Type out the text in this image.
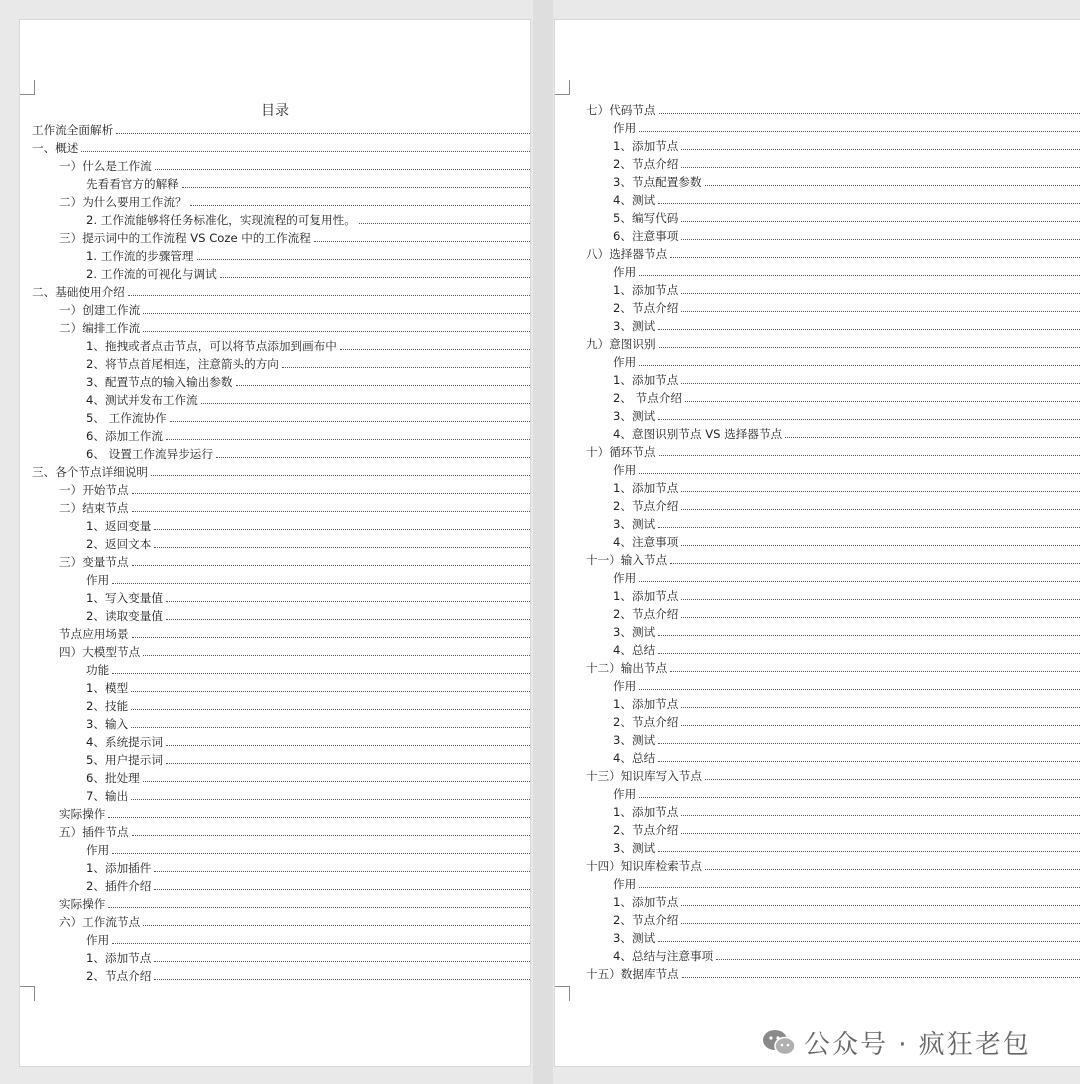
目录
工作流全面解析
一、概述
一）什么是工作流
先看看官方的解释
二）为什么要用工作流？
2. 工作流能够将任务标准化，实现流程的可复用性。
三）提示词中的工作流程 VS Coze 中的工作流程
1. 工作流的步骤管理
2. 工作流的可视化与调试
二、基础使用介绍
一）创建工作流
二）编排工作流
1、拖拽或者点击节点，可以将节点添加到画布中
2、将节点首尾相连，注意箭头的方向
3、配置节点的输入输出参数
4、测试并发布工作流
5、 工作流协作
6、添加工作流
6、 设置工作流异步运行
三、各个节点详细说明
一）开始节点
二）结束节点
1、返回变量
2、返回文本
三）变量节点
作用
1、写入变量值
2、读取变量值
节点应用场景
四）大模型节点
功能
1、模型
2、技能
3、输入
4、系统提示词
5、用户提示词
6、批处理
7、输出
实际操作
五）插件节点
作用
1、添加插件
2、插件介绍
实际操作
六）工作流节点
作用
1、添加节点
2、节点介绍
七）代码节点
作用
1、添加节点
2、节点介绍
3、节点配置参数
4、测试
5、编写代码
6、注意事项
八）选择器节点
作用
1、添加节点
2、节点介绍
3、测试
九）意图识别
作用
1、添加节点
2、 节点介绍
3、测试
4、意图识别节点 VS 选择器节点
十）循环节点
作用
1、添加节点
2、节点介绍
3、测试
4、注意事项
十一）输入节点
作用
1、添加节点
2、节点介绍
3、测试
4、总结
十二）输出节点
作用
1、添加节点
2、节点介绍
3、测试
4、总结
十三）知识库写入节点
作用
1、添加节点
2、节点介绍
3、测试
十四）知识库检索节点
作用
1、添加节点
2、节点介绍
3、测试
4、总结与注意事项
十五）数据库节点
公众号 · 疯狂老包
